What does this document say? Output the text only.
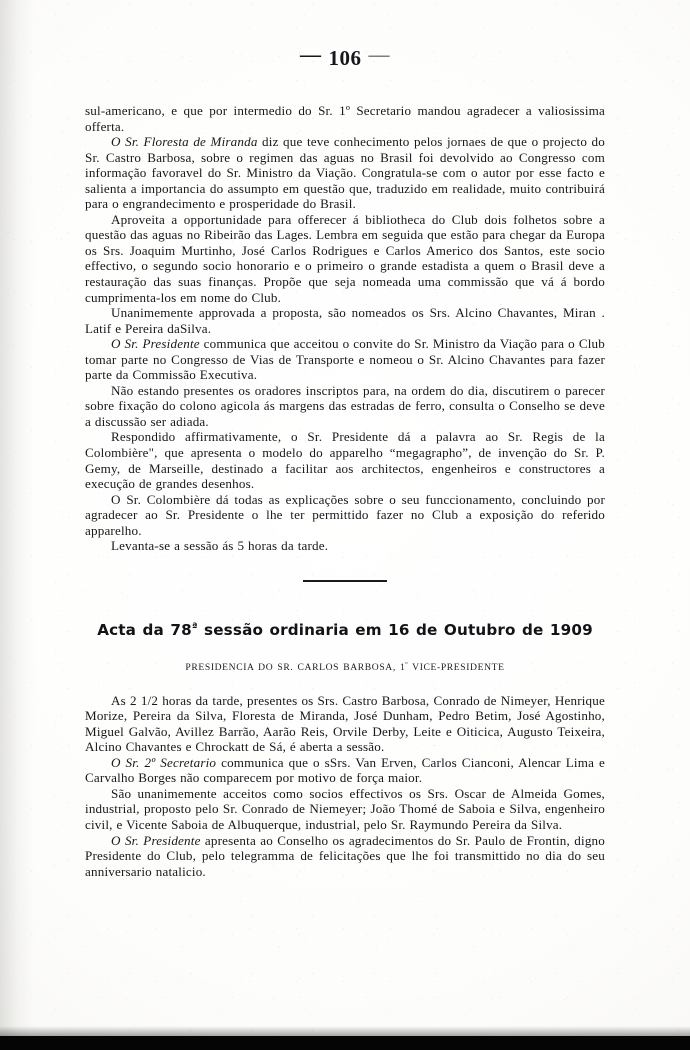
— 106 —

sul-americano, e que por intermedio do Sr. 1º Secretario mandou agradecer a valiosissima offerta.

O Sr. Floresta de Miranda diz que teve conhecimento pelos jornaes de que o projecto do Sr. Castro Barbosa, sobre o regimen das aguas no Brasil foi devolvido ao Congresso com informação favoravel do Sr. Ministro da Viação. Congratula-se com o autor por esse facto e salienta a importancia do assumpto em questão que, traduzido em realidade, muito contribuirá para o engrandecimento e prosperidade do Brasil.

Aproveita a opportunidade para offerecer á bibliotheca do Club dois folhetos sobre a questão das aguas no Ribeirão das Lages. Lembra em seguida que estão para chegar da Europa os Srs. Joaquim Murtinho, José Carlos Rodrigues e Carlos Americo dos Santos, este socio effectivo, o segundo socio honorario e o primeiro o grande estadista a quem o Brasil deve a restauração das suas finanças. Propõe que seja nomeada uma commissão que vá á bordo cumprimenta-los em nome do Club.

Unanimemente approvada a proposta, são nomeados os Srs. Alcino Chavantes, Miran . Latif e Pereira daSilva.

O Sr. Presidente communica que acceitou o convite do Sr. Ministro da Viação para o Club tomar parte no Congresso de Vias de Transporte e nomeou o Sr. Alcino Chavantes para fazer parte da Commissão Executiva.

Não estando presentes os oradores inscriptos para, na ordem do dia, discutirem o parecer sobre fixação do colono agicola ás margens das estradas de ferro, consulta o Conselho se deve a discussão ser adiada.

Respondido affirmativamente, o Sr. Presidente dá a palavra ao Sr. Regis de la Colombière", que apresenta o modelo do apparelho “megagrapho”, de invenção do Sr. P. Gemy, de Marseille, destinado a facilitar aos architectos, engenheiros e constructores a execução de grandes desenhos.

O Sr. Colombière dá todas as explicações sobre o seu funccionamento, concluindo por agradecer ao Sr. Presidente o lhe ter permittido fazer no Club a exposição do referido apparelho.

Levanta-se a sessão ás 5 horas da tarde.

Acta da $78^ª$ sessão ordinaria em 16 de Outubro de 1909

PRESIDENCIA DO SR. CARLOS BARBOSA, $1^º$ VICE-PRESIDENTE

As 2 1/2 horas da tarde, presentes os Srs. Castro Barbosa, Conrado de Nimeyer, Henrique Morize, Pereira da Silva, Floresta de Miranda, José Dunham, Pedro Betim, José Agostinho, Miguel Galvão, Avillez Barrão, Aarão Reis, Orvile Derby, Leite e Oiticica, Augusto Teixeira, Alcino Chavantes e Chrockatt de Sá, é aberta a sessão.

O Sr. 2º Secretario communica que o sSrs. Van Erven, Carlos Cianconi, Alencar Lima e Carvalho Borges não comparecem por motivo de força maior.

São unanimemente acceitos como socios effectivos os Srs. Oscar de Almeida Gomes, industrial, proposto pelo Sr. Conrado de Niemeyer; João Thomé de Saboia e Silva, engenheiro civil, e Vicente Saboia de Albuquerque, industrial, pelo Sr. Raymundo Pereira da Silva.

O Sr. Presidente apresenta ao Conselho os agradecimentos do Sr. Paulo de Frontin, digno Presidente do Club, pelo telegramma de felicitações que lhe foi transmittido no dia do seu anniversario natalicio.
